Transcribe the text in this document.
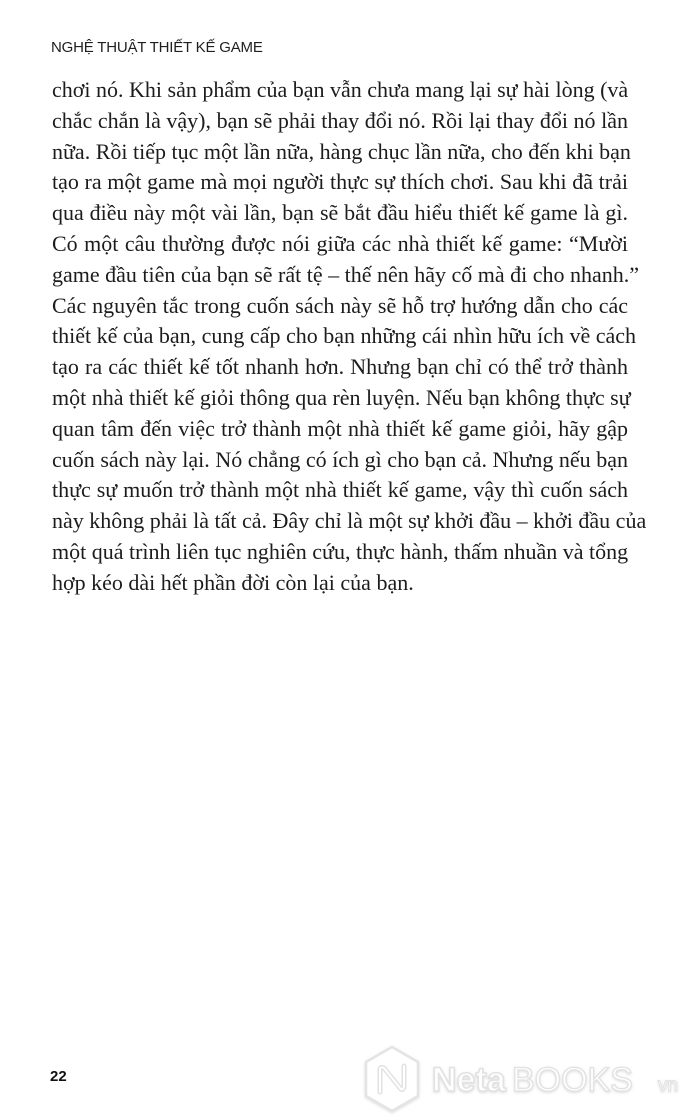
NGHỆ THUẬT THIẾT KẾ GAME
chơi nó. Khi sản phẩm của bạn vẫn chưa mang lại sự hài lòng (và
chắc chắn là vậy), bạn sẽ phải thay đổi nó. Rồi lại thay đổi nó lần
nữa. Rồi tiếp tục một lần nữa, hàng chục lần nữa, cho đến khi bạn
tạo ra một game mà mọi người thực sự thích chơi. Sau khi đã trải
qua điều này một vài lần, bạn sẽ bắt đầu hiểu thiết kế game là gì.
Có một câu thường được nói giữa các nhà thiết kế game: “Mười
game đầu tiên của bạn sẽ rất tệ – thế nên hãy cố mà đi cho nhanh.”
Các nguyên tắc trong cuốn sách này sẽ hỗ trợ hướng dẫn cho các
thiết kế của bạn, cung cấp cho bạn những cái nhìn hữu ích về cách
tạo ra các thiết kế tốt nhanh hơn. Nhưng bạn chỉ có thể trở thành
một nhà thiết kế giỏi thông qua rèn luyện. Nếu bạn không thực sự
quan tâm đến việc trở thành một nhà thiết kế game giỏi, hãy gập
cuốn sách này lại. Nó chẳng có ích gì cho bạn cả. Nhưng nếu bạn
thực sự muốn trở thành một nhà thiết kế game, vậy thì cuốn sách
này không phải là tất cả. Đây chỉ là một sự khởi đầu – khởi đầu của
một quá trình liên tục nghiên cứu, thực hành, thấm nhuần và tổng
hợp kéo dài hết phần đời còn lại của bạn.
22	Neta BOOKS vn
